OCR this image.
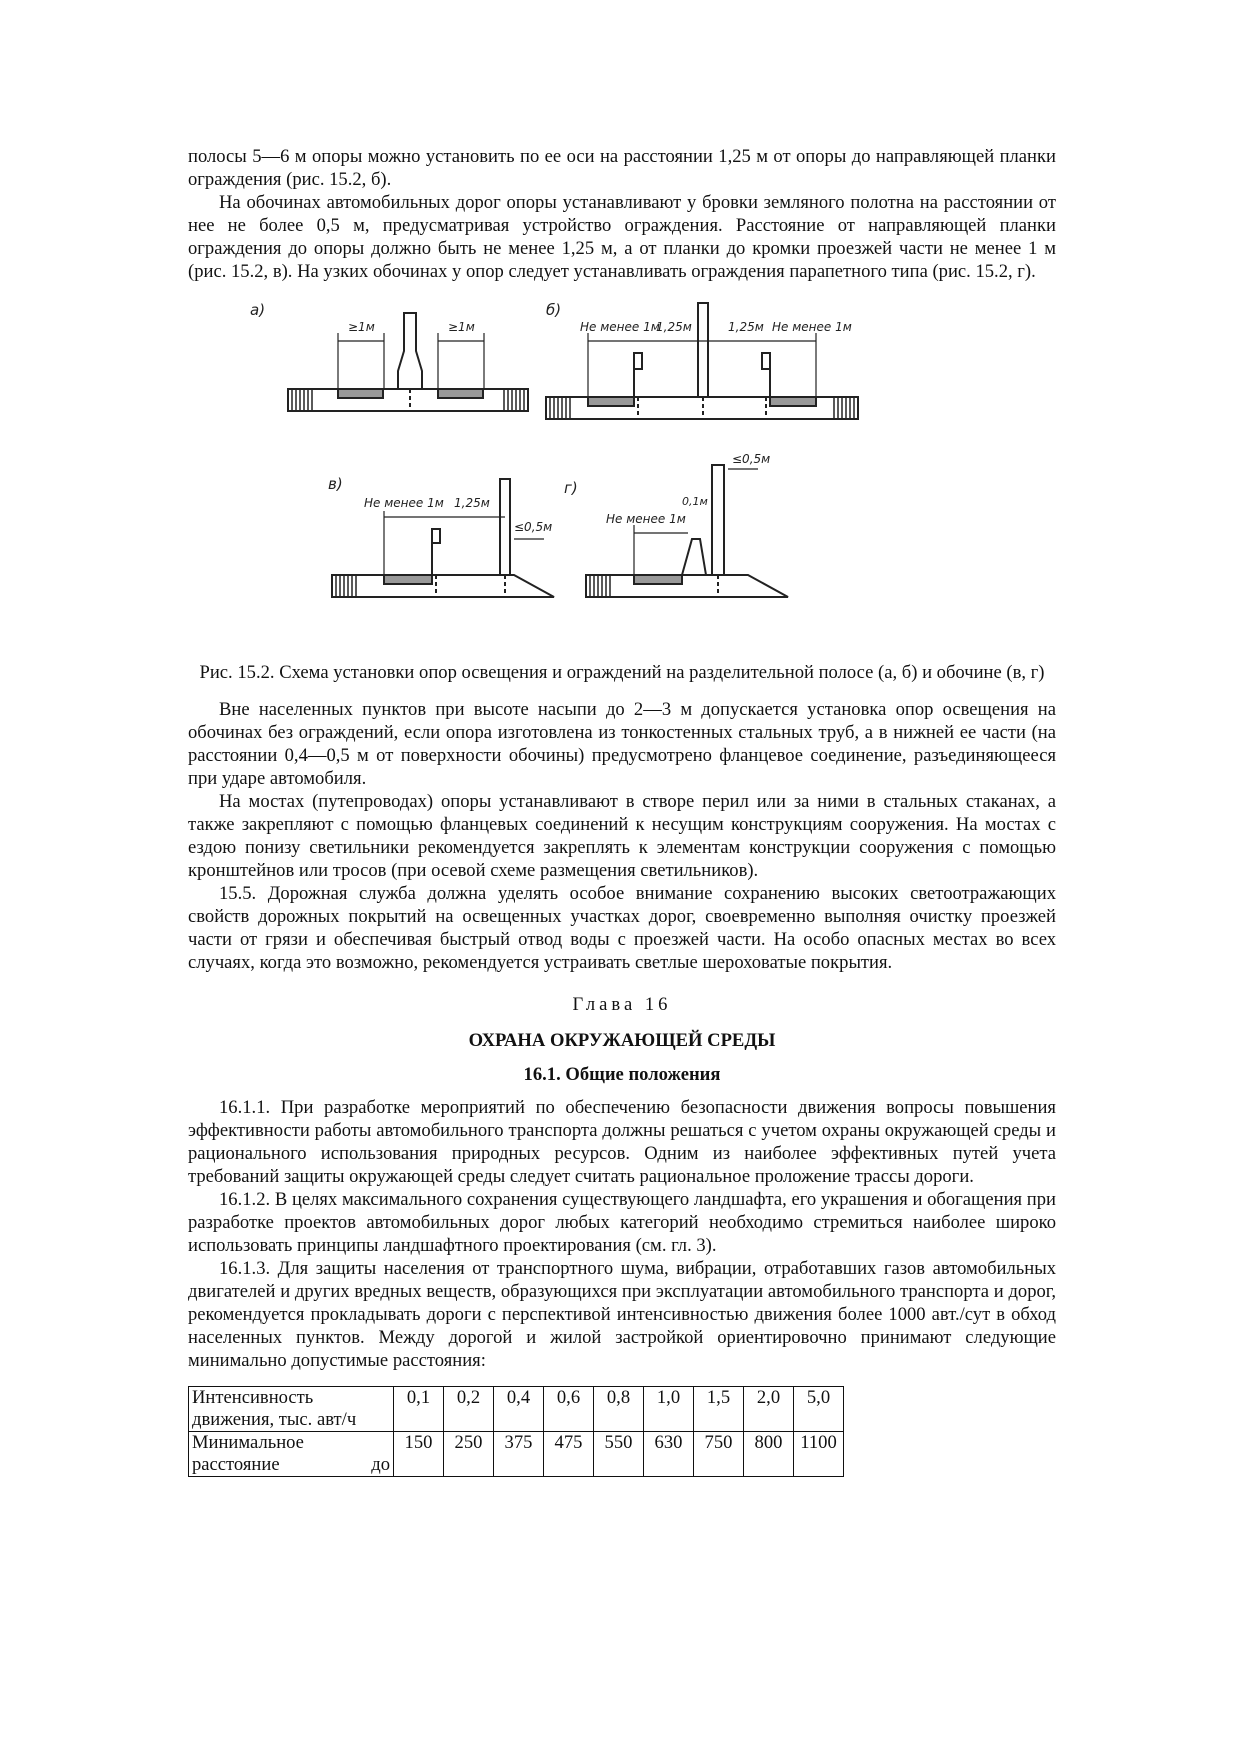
полосы 5—6 м опоры можно установить по ее оси на расстоянии 1,25 м от опоры до направляющей планки ограждения (рис. 15.2, б).

На обочинах автомобильных дорог опоры устанавливают у бровки земляного полотна на расстоянии от нее не более 0,5 м, предусматривая устройство ограждения. Расстояние от направляющей планки ограждения до опоры должно быть не менее 1,25 м, а от планки до кромки проезжей части не менее 1 м (рис. 15.2, в). На узких обочинах у опор следует устанавливать ограждения парапетного типа (рис. 15.2, г).

а)
≥1м	≥1м
б)
Не менее 1м
1,25м	1,25м Не менее 1м
в)
Не менее 1м 1,25м
≤0,5м
г)
Не менее 1м
0,1м
≤0,5м
Рис. 15.2. Схема установки опор освещения и ограждений на разделительной полосе (а, б) и обочине (в, г)

Вне населенных пунктов при высоте насыпи до 2—3 м допускается установка опор освещения на обочинах без ограждений, если опора изготовлена из тонкостенных стальных труб, а в нижней ее части (на расстоянии 0,4—0,5 м от поверхности обочины) предусмотрено фланцевое соединение, разъединяющееся при ударе автомобиля.

На мостах (путепроводах) опоры устанавливают в створе перил или за ними в стальных стаканах, а также закрепляют с помощью фланцевых соединений к несущим конструкциям сооружения. На мостах с ездою понизу светильники рекомендуется закреплять к элементам конструкции сооружения с помощью кронштейнов или тросов (при осевой схеме размещения светильников).

15.5. Дорожная служба должна уделять особое внимание сохранению высоких светоотражающих свойств дорожных покрытий на освещенных участках дорог, своевременно выполняя очистку проезжей части от грязи и обеспечивая быстрый отвод воды с проезжей части. На особо опасных местах во всех случаях, когда это возможно, рекомендуется устраивать светлые шероховатые покрытия.

Глава 16
ОХРАНА ОКРУЖАЮЩЕЙ СРЕДЫ
16.1. Общие положения

16.1.1. При разработке мероприятий по обеспечению безопасности движения вопросы повышения эффективности работы автомобильного транспорта должны решаться с учетом охраны окружающей среды и рационального использования природных ресурсов. Одним из наиболее эффективных путей учета требований защиты окружающей среды следует считать рациональное проложение трассы дороги.

16.1.2. В целях максимального сохранения существующего ландшафта, его украшения и обогащения при разработке проектов автомобильных дорог любых категорий необходимо стремиться наиболее широко использовать принципы ландшафтного проектирования (см. гл. 3).

16.1.3. Для защиты населения от транспортного шума, вибрации, отработавших газов автомобильных двигателей и других вредных веществ, образующихся при эксплуатации автомобильного транспорта и дорог, рекомендуется прокладывать дороги с перспективой интенсивностью движения более 1000 авт./сут в обход населенных пунктов. Между дорогой и жилой застройкой ориентировочно принимают следующие минимально допустимые расстояния:

Интенсивность движения, тыс. авт/ч	0,1	0,2	0,4	0,6	0,8	1,0	1,5	2,0	5,0

Минимальное
расстояние до	150	250	375	475	550	630	750	800	1100
